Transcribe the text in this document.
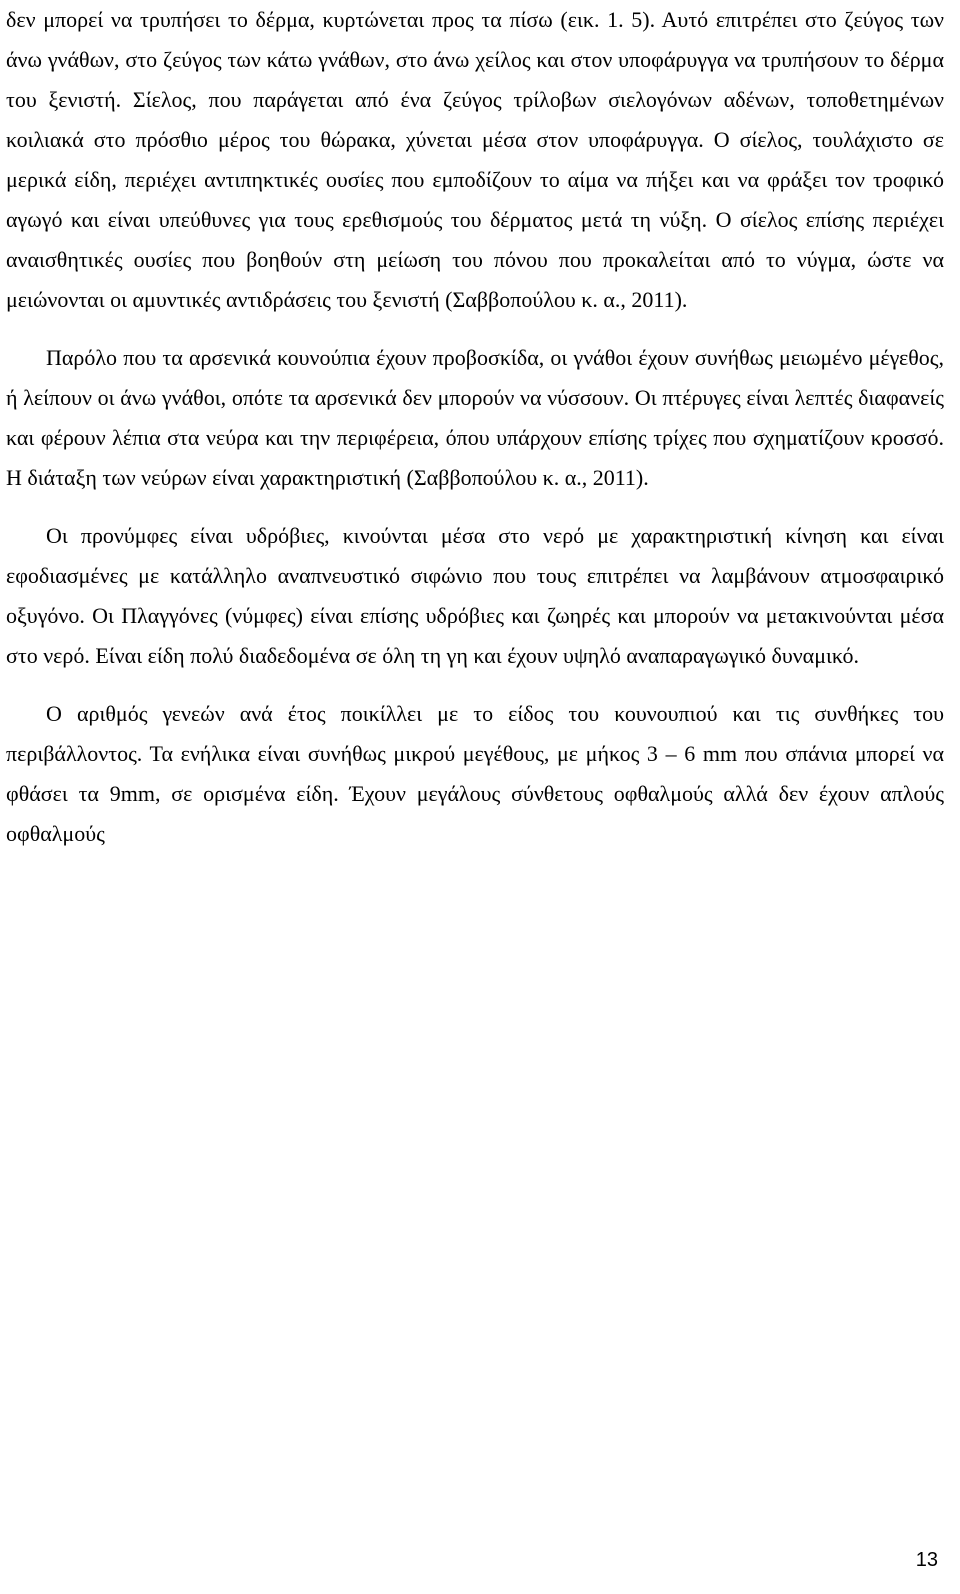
δεν μπορεί να τρυπήσει το δέρμα, κυρτώνεται προς τα πίσω (εικ. 1. 5). Αυτό επιτρέπει στο ζεύγος των άνω γνάθων, στο ζεύγος των κάτω γνάθων, στο άνω χείλος και στον υποφάρυγγα να τρυπήσουν το δέρμα του ξενιστή. Σίελος, που παράγεται από ένα ζεύγος τρίλοβων σιελογόνων αδένων, τοποθετημένων κοιλιακά στο πρόσθιο μέρος του θώρακα, χύνεται μέσα στον υποφάρυγγα. Ο σίελος, τουλάχιστο σε μερικά είδη, περιέχει αντιπηκτικές ουσίες που εμποδίζουν το αίμα να πήξει και να φράξει τον τροφικό αγωγό και είναι υπεύθυνες για τους ερεθισμούς του δέρματος μετά τη νύξη. Ο σίελος επίσης περιέχει αναισθητικές ουσίες που βοηθούν στη μείωση του πόνου που προκαλείται από το νύγμα, ώστε να μειώνονται οι αμυντικές αντιδράσεις του ξενιστή (Σαββοπούλου κ. α., 2011).

Παρόλο που τα αρσενικά κουνούπια έχουν προβοσκίδα, οι γνάθοι έχουν συνήθως μειωμένο μέγεθος, ή λείπουν οι άνω γνάθοι, οπότε τα αρσενικά δεν μπορούν να νύσσουν. Οι πτέρυγες είναι λεπτές διαφανείς και φέρουν λέπια στα νεύρα και την περιφέρεια, όπου υπάρχουν επίσης τρίχες που σχηματίζουν κροσσό. Η διάταξη των νεύρων είναι χαρακτηριστική (Σαββοπούλου κ. α., 2011).

Οι προνύμφες είναι υδρόβιες, κινούνται μέσα στο νερό με χαρακτηριστική κίνηση και είναι εφοδιασμένες με κατάλληλο αναπνευστικό σιφώνιο που τους επιτρέπει να λαμβάνουν ατμοσφαιρικό οξυγόνο. Οι Πλαγγόνες (νύμφες) είναι επίσης υδρόβιες και ζωηρές και μπορούν να μετακινούνται μέσα στο νερό. Είναι είδη πολύ διαδεδομένα σε όλη τη γη και έχουν υψηλό αναπαραγωγικό δυναμικό.

Ο αριθμός γενεών ανά έτος ποικίλλει με το είδος του κουνουπιού και τις συνθήκες του περιβάλλοντος. Τα ενήλικα είναι συνήθως μικρού μεγέθους, με μήκος 3 – 6 mm που σπάνια μπορεί να φθάσει τα 9mm, σε ορισμένα είδη. Έχουν μεγάλους σύνθετους οφθαλμούς αλλά δεν έχουν απλούς οφθαλμούς

13
